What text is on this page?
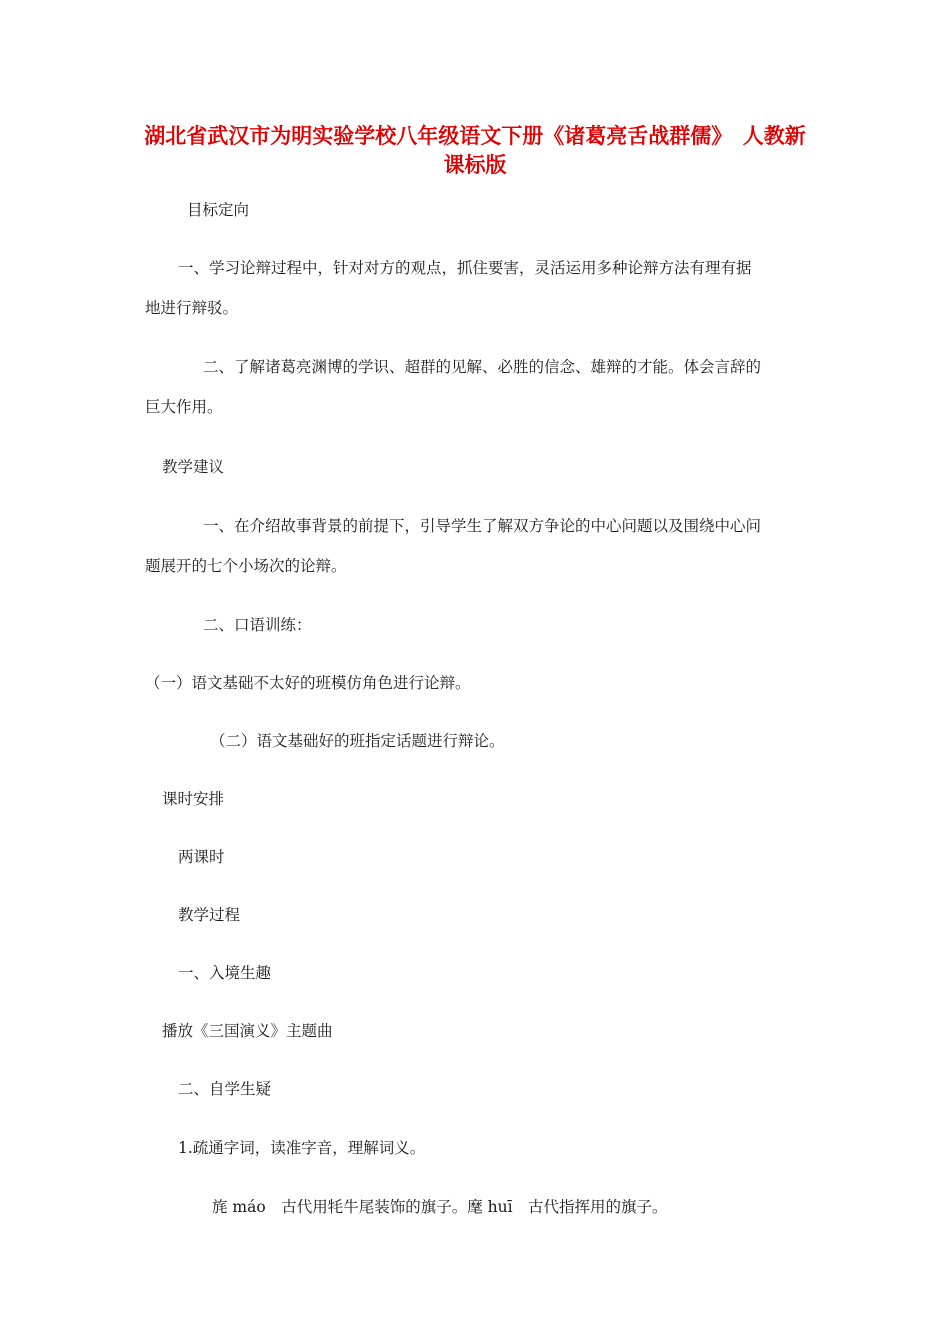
湖北省武汉市为明实验学校八年级语文下册《诸葛亮舌战群儒》　人教新课标版
目标定向
一、学习论辩过程中，针对对方的观点，抓住要害，灵活运用多种论辩方法有理有据
地进行辩驳。
二、了解诸葛亮渊博的学识、超群的见解、必胜的信念、雄辩的才能。体会言辞的
巨大作用。
教学建议
一、在介绍故事背景的前提下，引导学生了解双方争论的中心问题以及围绕中心问
题展开的七个小场次的论辩。
二、口语训练：
（一）语文基础不太好的班模仿角色进行论辩。
（二）语文基础好的班指定话题进行辩论。
课时安排
两课时
教学过程
一、入境生趣
播放《三国演义》主题曲
二、自学生疑
1.疏通字词，读准字音，理解词义。
旄 máo　古代用牦牛尾装饰的旗子。麾 huī　古代指挥用的旗子。
